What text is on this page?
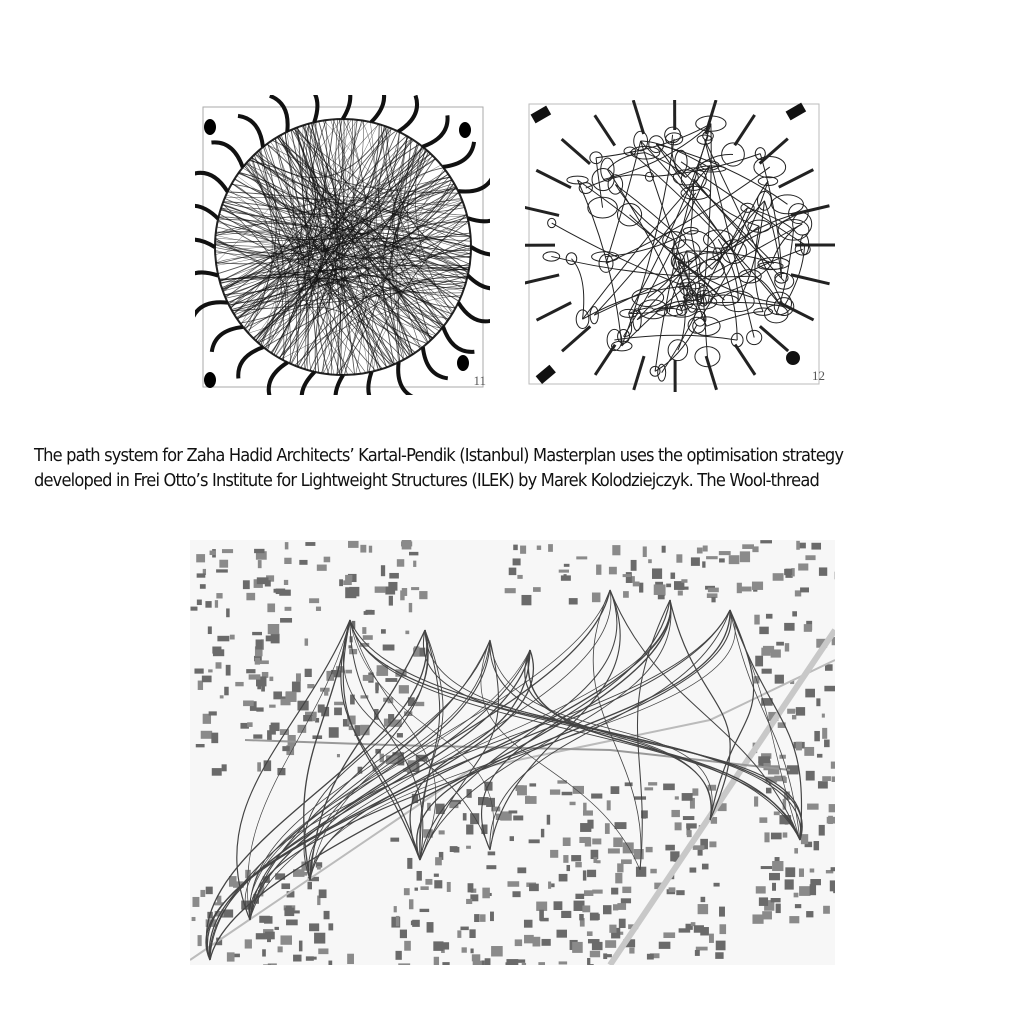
11	12
The path system for Zaha Hadid Architects’ Kartal-Pendik (Istanbul) Masterplan uses the optimisation strategy
developed in Frei Otto’s Institute for Lightweight Structures (ILEK) by Marek Kolodziejczyk. The Wool-thread
